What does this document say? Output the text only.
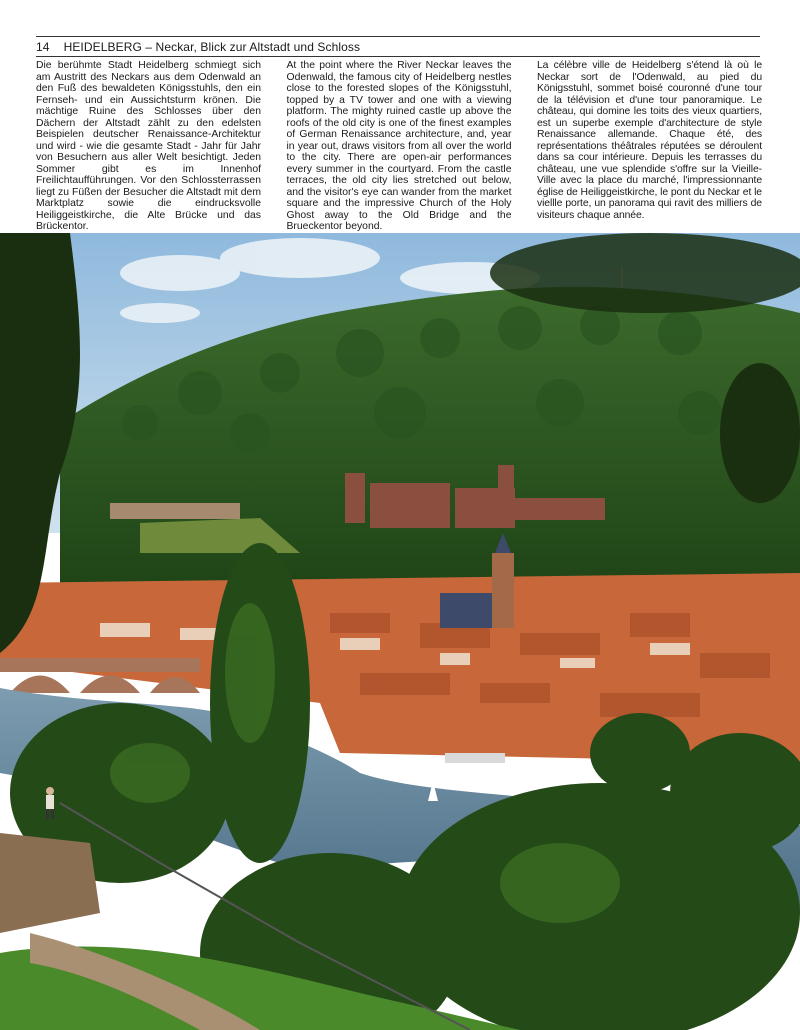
14 HEIDELBERG – Neckar, Blick zur Altstadt und Schloss
Die berühmte Stadt Heidelberg schmiegt sich am Austritt des Neckars aus dem Odenwald an den Fuß des bewaldeten Königsstuhls, den ein Fernseh- und ein Aussichtsturm krönen. Die mächtige Ruine des Schlosses über den Dächern der Altstadt zählt zu den edelsten Beispielen deutscher Renaissance-Architektur und wird - wie die gesamte Stadt - Jahr für Jahr von Besuchern aus aller Welt besichtigt. Jeden Sommer gibt es im Innenhof Freilichtaufführungen. Vor den Schlossterrassen liegt zu Füßen der Besucher die Altstadt mit dem Marktplatz sowie die eindrucksvolle Heiliggeistkirche, die Alte Brücke und das Brückentor.
At the point where the River Neckar leaves the Odenwald, the famous city of Heidelberg nestles close to the forested slopes of the Königsstuhl, topped by a TV tower and one with a viewing platform. The mighty ruined castle up above the roofs of the old city is one of the finest examples of German Renaissance architecture, and, year in year out, draws visitors from all over the world to the city. There are open-air performances every summer in the courtyard. From the castle terraces, the old city lies stretched out below, and the visitor's eye can wander from the market square and the impressive Church of the Holy Ghost away to the Old Bridge and the Brueckentor beyond.
La célèbre ville de Heidelberg s'étend là où le Neckar sort de l'Odenwald, au pied du Königsstuhl, sommet boisé couronné d'une tour de la télévision et d'une tour panoramique. Le château, qui domine les toits des vieux quartiers, est un superbe exemple d'architecture de style Renaissance allemande. Chaque été, des représentations théâtrales réputées se déroulent dans sa cour intérieure. Depuis les terrasses du château, une vue splendide s'offre sur la Vieille-Ville avec la place du marché, l'impressionnante église de Heiliggeistkirche, le pont du Neckar et le viellle porte, un panorama qui ravit des milliers de visiteurs chaque année.
